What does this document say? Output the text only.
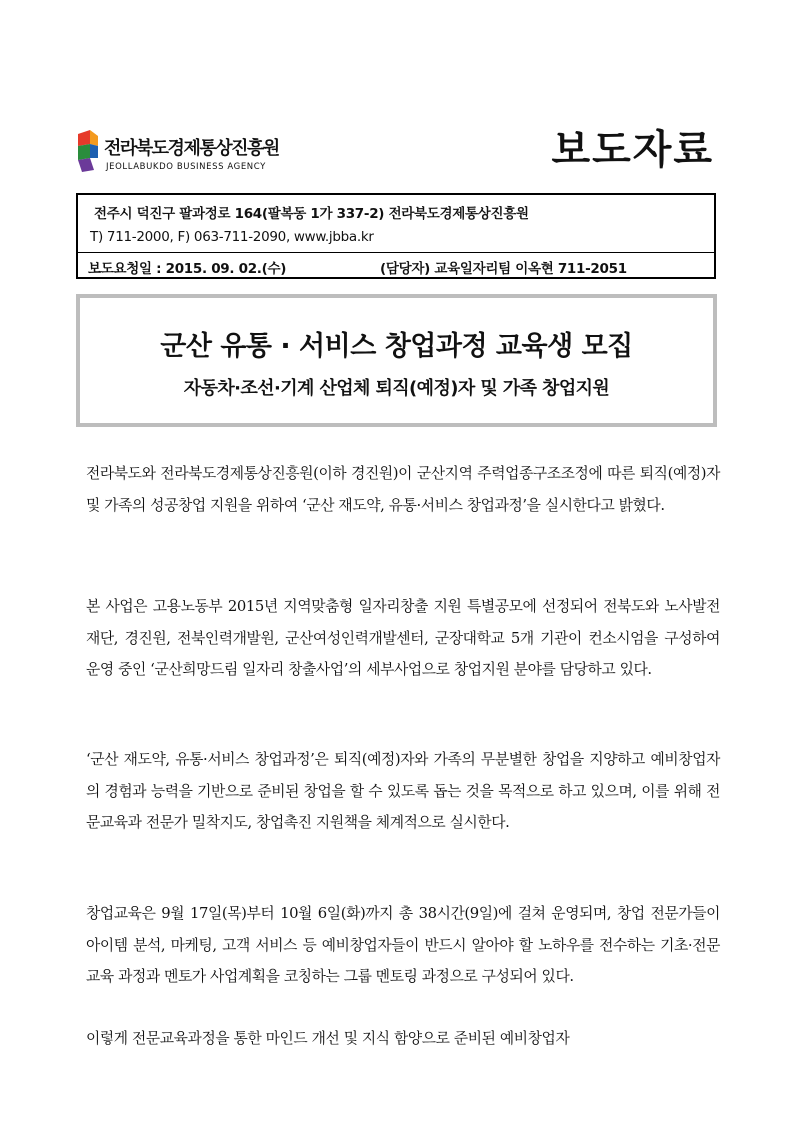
전라북도경제통상진흥원
JEOLLABUKDO BUSINESS AGENCY	보도자료
전주시 덕진구 팔과정로 164(팔복동 1가 337-2) 전라북도경제통상진흥원
T) 711-2000, F) 063-711-2090, www.jbba.kr
보도요청일 : 2015. 09. 02.(수)	(담당자) 교육일자리팀 이옥현 711-2051
군산 유통 · 서비스 창업과정 교육생 모집
자동차·조선·기계 산업체 퇴직(예정)자 및 가족 창업지원

전라북도와 전라북도경제통상진흥원(이하 경진원)이 군산지역 주력업종구조조정에 따른 퇴직(예정)자 및 가족의 성공창업 지원을 위하여 ‘군산 재도약, 유통·서비스 창업과정’을 실시한다고 밝혔다.

본 사업은 고용노동부 2015년 지역맞춤형 일자리창출 지원 특별공모에 선정되어 전북도와 노사발전재단, 경진원, 전북인력개발원, 군산여성인력개발센터, 군장대학교 5개 기관이 컨소시엄을 구성하여 운영 중인 ‘군산희망드림 일자리 창출사업’의 세부사업으로 창업지원 분야를 담당하고 있다.

‘군산 재도약, 유통·서비스 창업과정’은 퇴직(예정)자와 가족의 무분별한 창업을 지양하고 예비창업자의 경험과 능력을 기반으로 준비된 창업을 할 수 있도록 돕는 것을 목적으로 하고 있으며, 이를 위해 전문교육과 전문가 밀착지도, 창업촉진 지원책을 체계적으로 실시한다.

창업교육은 9월 17일(목)부터 10월 6일(화)까지 총 38시간(9일)에 걸쳐 운영되며, 창업 전문가들이 아이템 분석, 마케팅, 고객 서비스 등 예비창업자들이 반드시 알아야 할 노하우를 전수하는 기초·전문교육 과정과 멘토가 사업계획을 코칭하는 그룹 멘토링 과정으로 구성되어 있다.

이렇게 전문교육과정을 통한 마인드 개선 및 지식 함양으로 준비된 예비창업자
